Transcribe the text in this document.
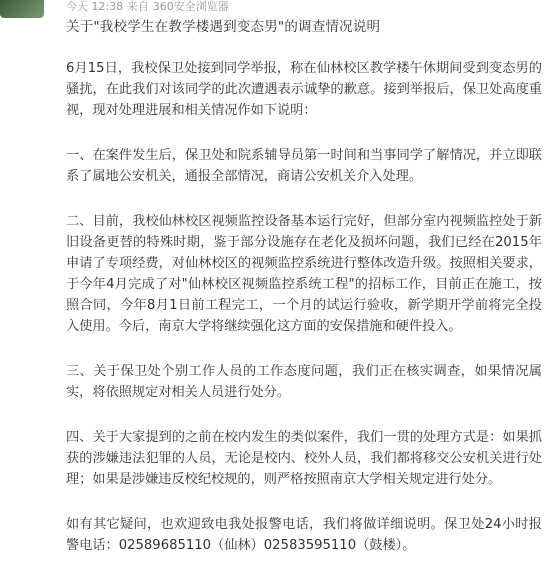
今天 12:38 来自 360安全浏览器
关于"我校学生在教学楼遇到变态男"的调查情况说明

6月15日，我校保卫处接到同学举报，称在仙林校区教学楼午休期间受到变态男的骚扰，在此我们对该同学的此次遭遇表示诚挚的歉意。接到举报后，保卫处高度重视，现对处理进展和相关情况作如下说明：

一、在案件发生后，保卫处和院系辅导员第一时间和当事同学了解情况，并立即联系了属地公安机关，通报全部情况，商请公安机关介入处理。

二、目前，我校仙林校区视频监控设备基本运行完好，但部分室内视频监控处于新旧设备更替的特殊时期，鉴于部分设施存在老化及损坏问题，我们已经在2015年申请了专项经费，对仙林校区的视频监控系统进行整体改造升级。按照相关要求，于今年4月完成了对"仙林校区视频监控系统工程"的招标工作，目前正在施工，按照合同，今年8月1日前工程完工，一个月的试运行验收，新学期开学前将完全投入使用。今后，南京大学将继续强化这方面的安保措施和硬件投入。

三、关于保卫处个别工作人员的工作态度问题，我们正在核实调查，如果情况属实，将依照规定对相关人员进行处分。

四、关于大家提到的之前在校内发生的类似案件，我们一贯的处理方式是：如果抓获的涉嫌违法犯罪的人员，无论是校内、校外人员，我们都将移交公安机关进行处理；如果是涉嫌违反校纪校规的，则严格按照南京大学相关规定进行处分。

如有其它疑问，也欢迎致电我处报警电话，我们将做详细说明。保卫处24小时报警电话：02589685110（仙林）02583595110（鼓楼）。
